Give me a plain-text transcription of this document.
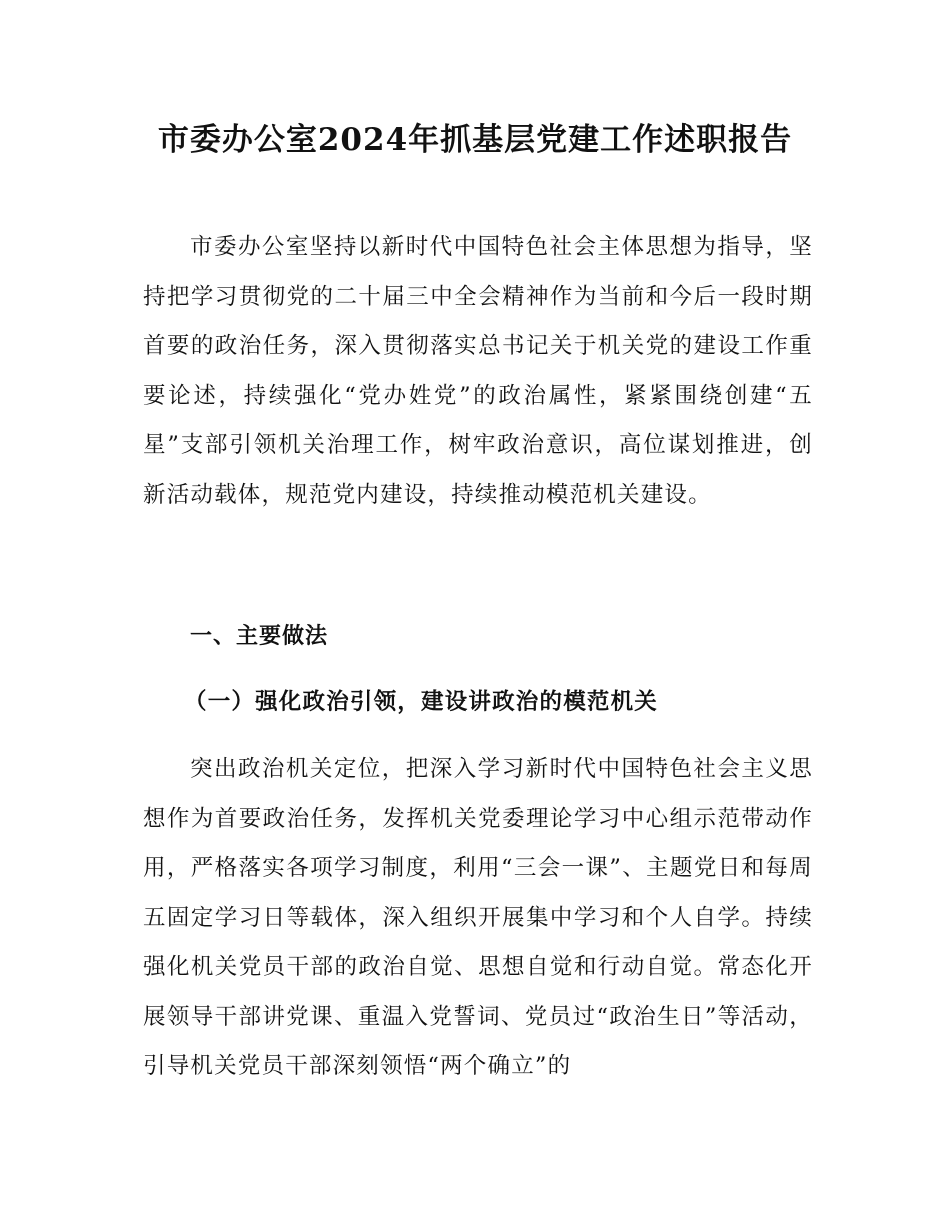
市委办公室2024年抓基层党建工作述职报告

市委办公室坚持以新时代中国特色社会主体思想为指导，坚持把学习贯彻党的二十届三中全会精神作为当前和今后一段时期首要的政治任务，深入贯彻落实总书记关于机关党的建设工作重要论述，持续强化“党办姓党”的政治属性，紧紧围绕创建“五星”支部引领机关治理工作，树牢政治意识，高位谋划推进，创新活动载体，规范党内建设，持续推动模范机关建设。

一、主要做法
（一）强化政治引领，建设讲政治的模范机关

突出政治机关定位，把深入学习新时代中国特色社会主义思想作为首要政治任务，发挥机关党委理论学习中心组示范带动作用，严格落实各项学习制度，利用“三会一课”、主题党日和每周五固定学习日等载体，深入组织开展集中学习和个人自学。持续强化机关党员干部的政治自觉、思想自觉和行动自觉。常态化开展领导干部讲党课、重温入党誓词、党员过“政治生日”等活动，引导机关党员干部深刻领悟“两个确立”的
